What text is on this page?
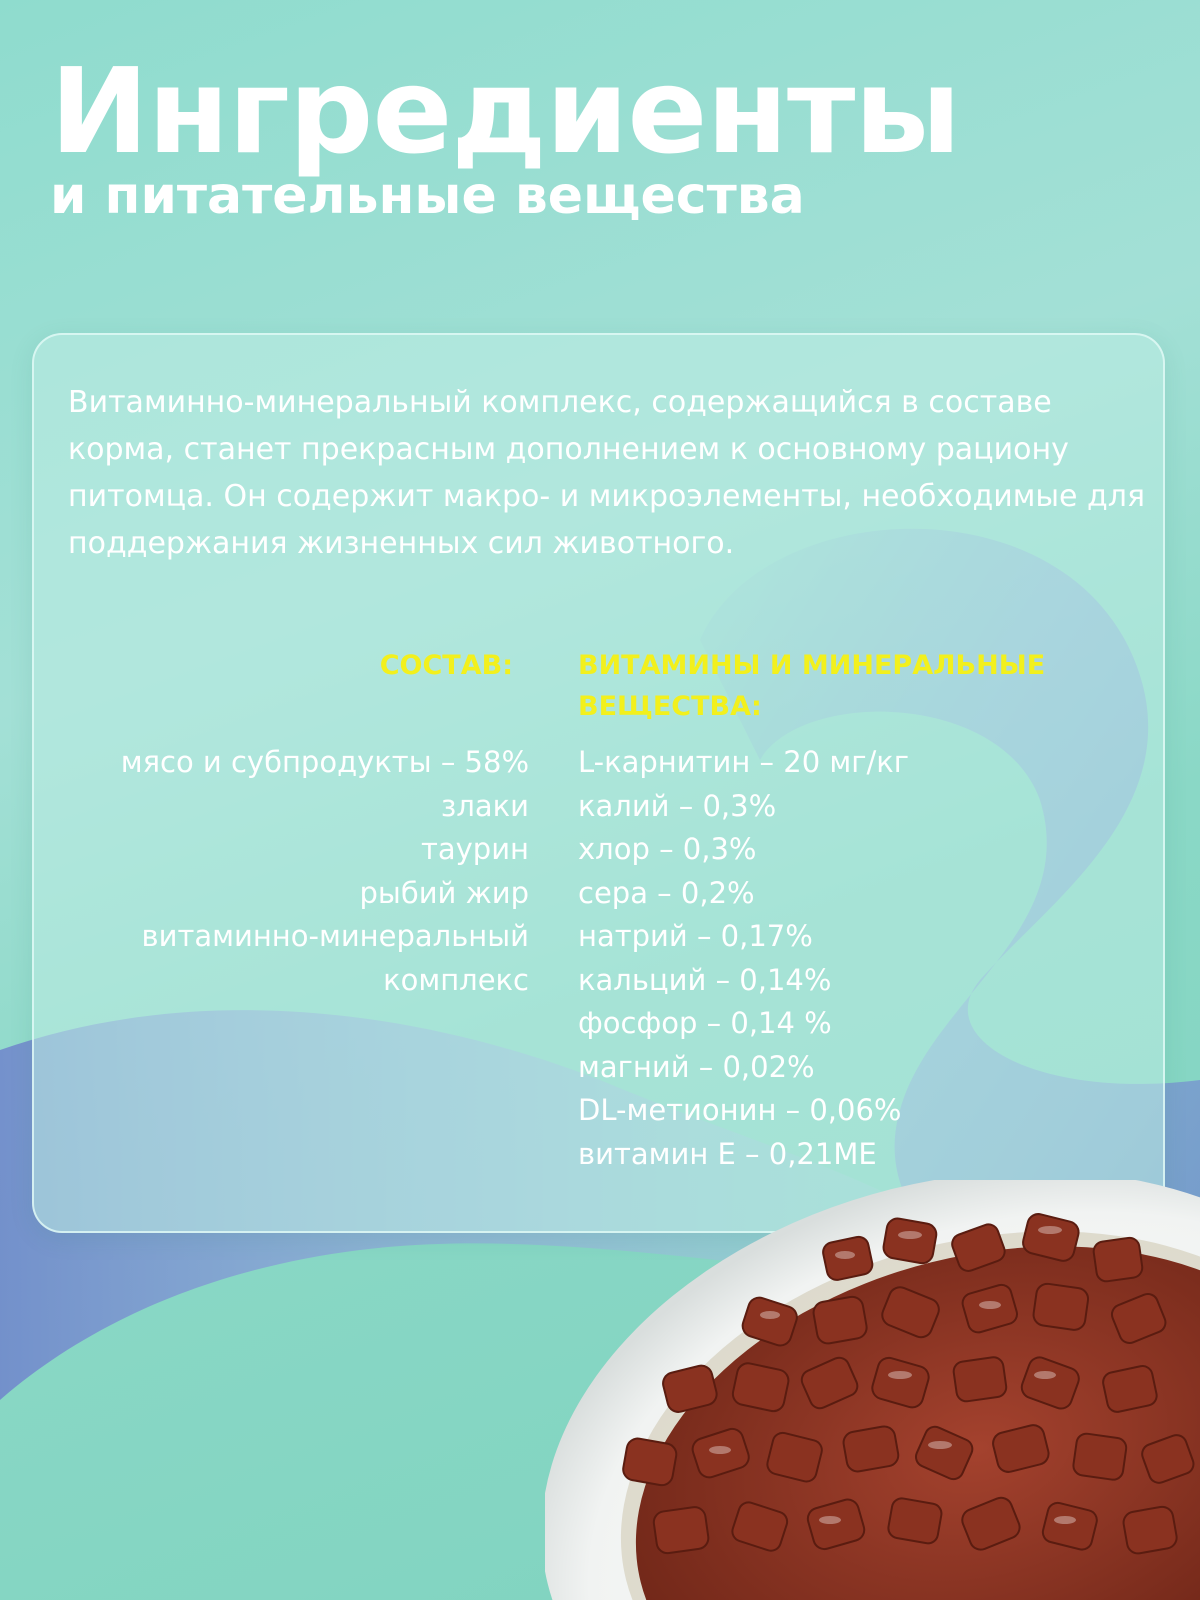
Ингредиенты
и питательные вещества

Витаминно-минеральный комплекс, содержащийся в составе корма, станет прекрасным дополнением к основному рациону питомца. Он содержит макро- и микроэлементы, необходимые для поддержания жизненных сил животного.

СОСТАВ:
мясо и субпродукты – 58%
злаки
таурин
рыбий жир
витаминно-минеральный
комплекс
ВИТАМИНЫ И МИНЕРАЛЬНЫЕ ВЕЩЕСТВА:
L-карнитин – 20 мг/кг
калий – 0,3%
хлор – 0,3%
сера – 0,2%
натрий – 0,17%
кальций – 0,14%
фосфор – 0,14 %
магний – 0,02%
DL-метионин – 0,06%
витамин Е – 0,21МЕ
